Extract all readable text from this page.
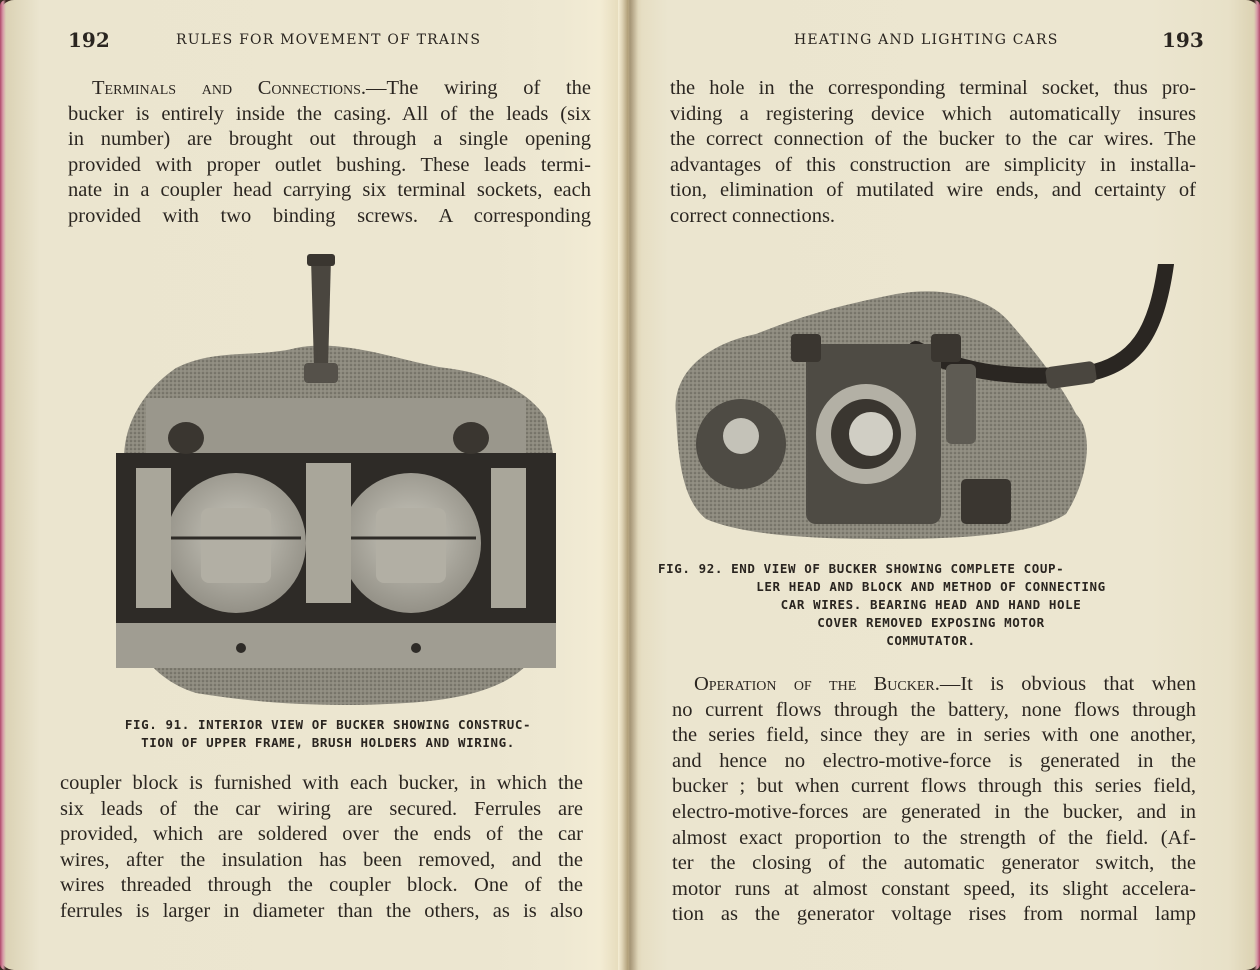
192	RULES FOR MOVEMENT OF TRAINS
Terminals and Connections.—The wiring of the
bucker is entirely inside the casing. All of the leads (six
in number) are brought out through a single opening
provided with proper outlet bushing. These leads termi-
nate in a coupler head carrying six terminal sockets, each
provided with two binding screws. A corresponding
FIG. 91. INTERIOR VIEW OF BUCKER SHOWING CONSTRUC-
TION OF UPPER FRAME, BRUSH HOLDERS AND WIRING.
coupler block is furnished with each bucker, in which the
six leads of the car wiring are secured. Ferrules are
provided, which are soldered over the ends of the car
wires, after the insulation has been removed, and the
wires threaded through the coupler block. One of the
ferrules is larger in diameter than the others, as is also
HEATING AND LIGHTING CARS	193
the hole in the corresponding terminal socket, thus pro-
viding a registering device which automatically insures
the correct connection of the bucker to the car wires. The
advantages of this construction are simplicity in installa-
tion, elimination of mutilated wire ends, and certainty of
correct connections.
FIG. 92. END VIEW OF BUCKER SHOWING COMPLETE COUP-
LER HEAD AND BLOCK AND METHOD OF CONNECTING
CAR WIRES. BEARING HEAD AND HAND HOLE
COVER REMOVED EXPOSING MOTOR
COMMUTATOR.
Operation of the Bucker.—It is obvious that when
no current flows through the battery, none flows through
the series field, since they are in series with one another,
and hence no electro-motive-force is generated in the
bucker ; but when current flows through this series field,
electro-motive-forces are generated in the bucker, and in
almost exact proportion to the strength of the field. (Af-
ter the closing of the automatic generator switch, the
motor runs at almost constant speed, its slight accelera-
tion as the generator voltage rises from normal lamp
